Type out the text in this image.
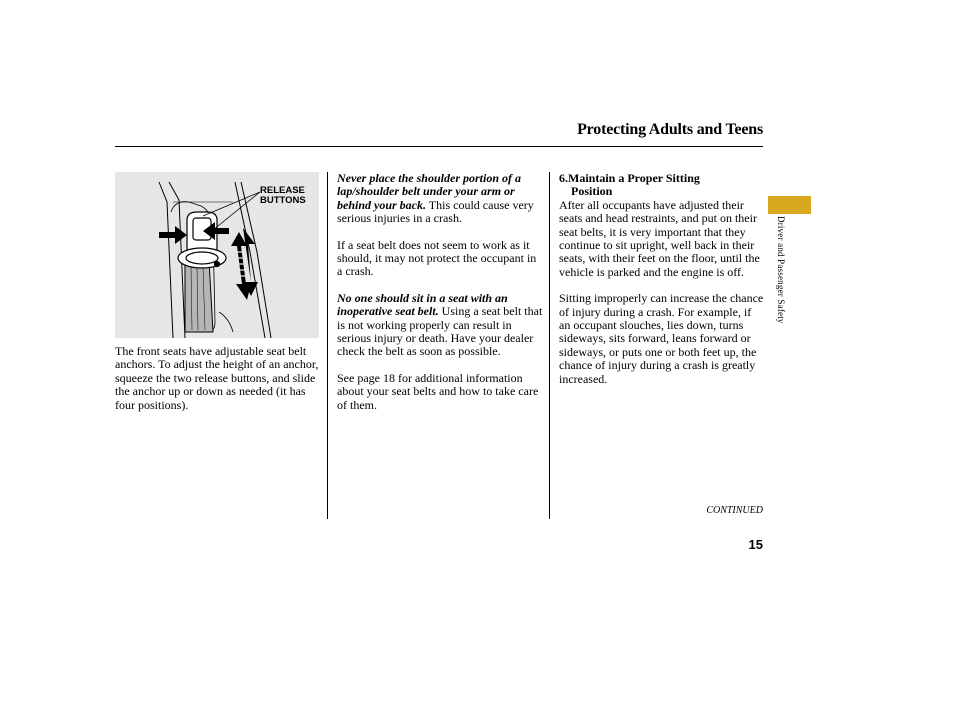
Protecting Adults and Teens
RELEASE
BUTTONS

The front seats have adjustable seat belt anchors. To adjust the height of an anchor, squeeze the two release buttons, and slide the anchor up or down as needed (it has four positions).

Never place the shoulder portion of a lap/shoulder belt under your arm or behind your back. This could cause very serious injuries in a crash.

If a seat belt does not seem to work as it should, it may not protect the occupant in a crash.

No one should sit in a seat with an inoperative seat belt. Using a seat belt that is not working properly can result in serious injury or death. Have your dealer check the belt as soon as possible.

See page 18 for additional information about your seat belts and how to take care of them.

6.Maintain a Proper Sitting
Position

After all occupants have adjusted their seats and head restraints, and put on their seat belts, it is very important that they continue to sit upright, well back in their seats, with their feet on the floor, until the vehicle is parked and the engine is off.

Sitting improperly can increase the chance of injury during a crash. For example, if an occupant slouches, lies down, turns sideways, sits forward, leans forward or sideways, or puts one or both feet up, the chance of injury during a crash is greatly increased.

Driver and Passenger Safety
CONTINUED
15
